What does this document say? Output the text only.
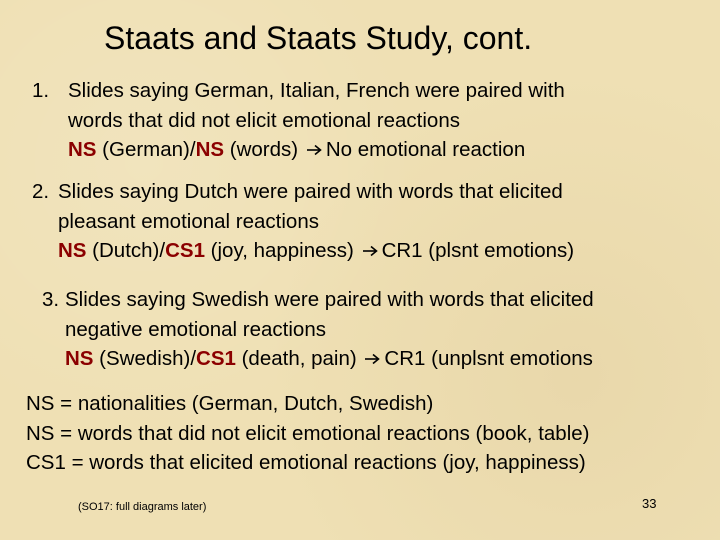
Staats and Staats Study, cont.
1. Slides saying German, Italian, French were paired with
words that did not elicit emotional reactions
NS (German)/NS (words) No emotional reaction
2. Slides saying Dutch were paired with words that elicited
pleasant emotional reactions
NS (Dutch)/CS1 (joy, happiness) CR1 (plsnt emotions)
3. Slides saying Swedish were paired with words that elicited
negative emotional reactions
NS (Swedish)/CS1 (death, pain) CR1 (unplsnt emotions
NS = nationalities (German, Dutch, Swedish)
NS = words that did not elicit emotional reactions (book, table)
CS1 = words that elicited emotional reactions (joy, happiness)
(SO17: full diagrams later)	33
